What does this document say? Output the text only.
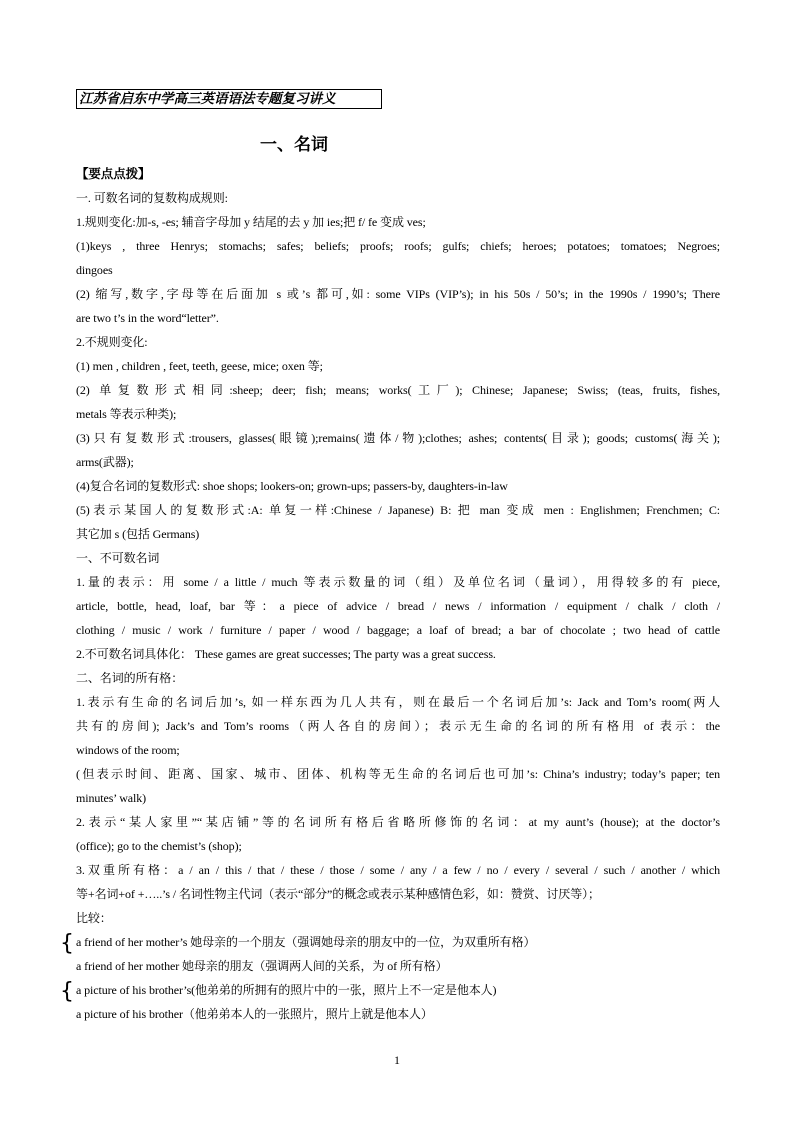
江苏省启东中学高三英语语法专题复习讲义
一、名词
【要点点拨】
一. 可数名词的复数构成规则:
1.规则变化:加-s, -es; 辅音字母加 y 结尾的去 y 加 ies;把 f/ fe 变成 ves;
(1)keys , three Henrys; stomachs; safes; beliefs; proofs; roofs; gulfs; chiefs; heroes; potatoes; tomatoes; Negroes;
dingoes
(2) 缩写,数字,字母等在后面加 s 或’s 都可,如: some VIPs (VIP’s); in his 50s / 50’s; in the 1990s / 1990’s; There
are two t’s in the word“letter”.
2.不规则变化:
(1) men , children , feet, teeth, geese, mice; oxen 等;
(2) 单复数形式相同:sheep; deer; fish; means; works(工厂); Chinese; Japanese; Swiss; (teas, fruits, fishes,
metals 等表示种类);
(3)只有复数形式:trousers, glasses(眼镜);remains(遗体/物);clothes; ashes; contents(目录); goods; customs(海关);
arms(武器);
(4)复合名词的复数形式: shoe shops; lookers-on; grown-ups; passers-by, daughters-in-law
(5)表示某国人的复数形式:A: 单复一样:Chinese / Japanese) B: 把 man 变成 men : Englishmen; Frenchmen; C:
其它加 s (包括 Germans)
一、不可数名词
1.量的表示：用 some / a little / much 等表示数量的词（组）及单位名词（量词），用得较多的有 piece,
article, bottle, head, loaf, bar 等：a piece of advice / bread / news / information / equipment / chalk / cloth /
clothing / music / work / furniture / paper / wood / baggage; a loaf of bread; a bar of chocolate ; two head of cattle
2.不可数名词具体化： These games are great successes; The party was a great success.
二、名词的所有格：
1.表示有生命的名词后加’s, 如一样东西为几人共有，则在最后一个名词后加’s: Jack and Tom’s room(两人
共有的房间); Jack’s and Tom’s rooms（两人各自的房间）；表示无生命的名词的所有格用 of 表示：the
windows of the room;
(但表示时间、距离、国家、城市、团体、机构等无生命的名词后也可加’s: China’s industry; today’s paper; ten
minutes’ walk)
2.表示“某人家里”“某店铺”等的名词所有格后省略所修饰的名词：at my aunt’s (house); at the doctor’s
(office); go to the chemist’s (shop);
3.双重所有格：a / an / this / that / these / those / some / any / a few / no / every / several / such / another / which
等+名词+of +…..’s / 名词性物主代词（表示“部分”的概念或表示某种感情色彩，如：赞赏、讨厌等）；
比较：
a friend of her mother’s 她母亲的一个朋友（强调她母亲的朋友中的一位，为双重所有格）
a friend of her mother 她母亲的朋友（强调两人间的关系，为 of 所有格）
a picture of his brother’s(他弟弟的所拥有的照片中的一张，照片上不一定是他本人)
a picture of his brother（他弟弟本人的一张照片，照片上就是他本人）
{
{
1
